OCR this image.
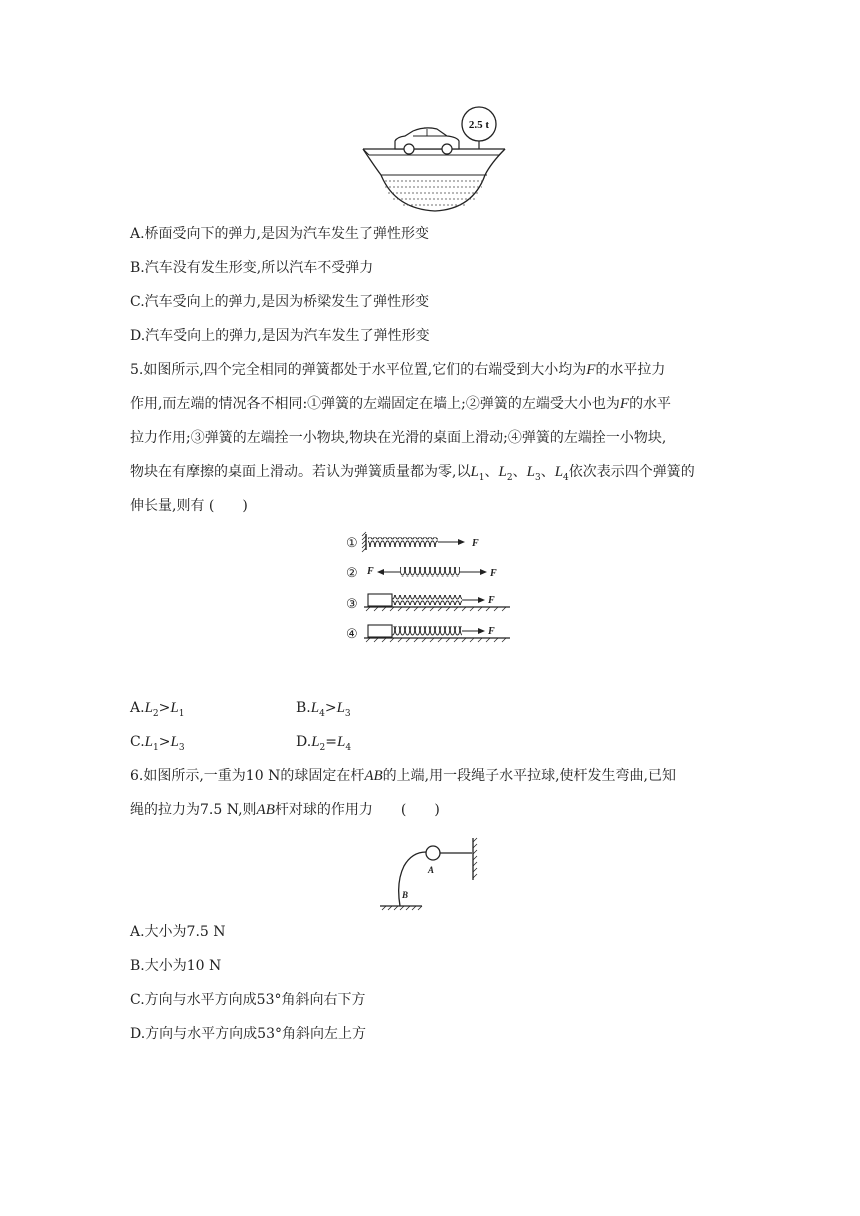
2.5 t
A.桥面受向下的弹力,是因为汽车发生了弹性形变
B.汽车没有发生形变,所以汽车不受弹力
C.汽车受向上的弹力,是因为桥梁发生了弹性形变
D.汽车受向上的弹力,是因为汽车发生了弹性形变
5.如图所示,四个完全相同的弹簧都处于水平位置,它们的右端受到大小均为F的水平拉力
作用,而左端的情况各不相同:①弹簧的左端固定在墙上;②弹簧的左端受大小也为F的水平
拉力作用;③弹簧的左端拴一小物块,物块在光滑的桌面上滑动;④弹簧的左端拴一小物块,
物块在有摩擦的桌面上滑动。若认为弹簧质量都为零,以$L_1$、$L_2$、$L_3$、$L_4$依次表示四个弹簧的
伸长量,则有 (　　)
①	F
② F	F
③	F
④	F
$A.L_2>L_1$	$B.L_4>L_3$
$C.L_1>L_3$	$D.L_2=L_4$
6.如图所示,一重为10 N的球固定在杆AB的上端,用一段绳子水平拉球,使杆发生弯曲,已知
绳的拉力为7.5 N,则AB杆对球的作用力　　(　　)
A
B
A.大小为7.5 N
B.大小为10 N
C.方向与水平方向成53°角斜向右下方
D.方向与水平方向成53°角斜向左上方
